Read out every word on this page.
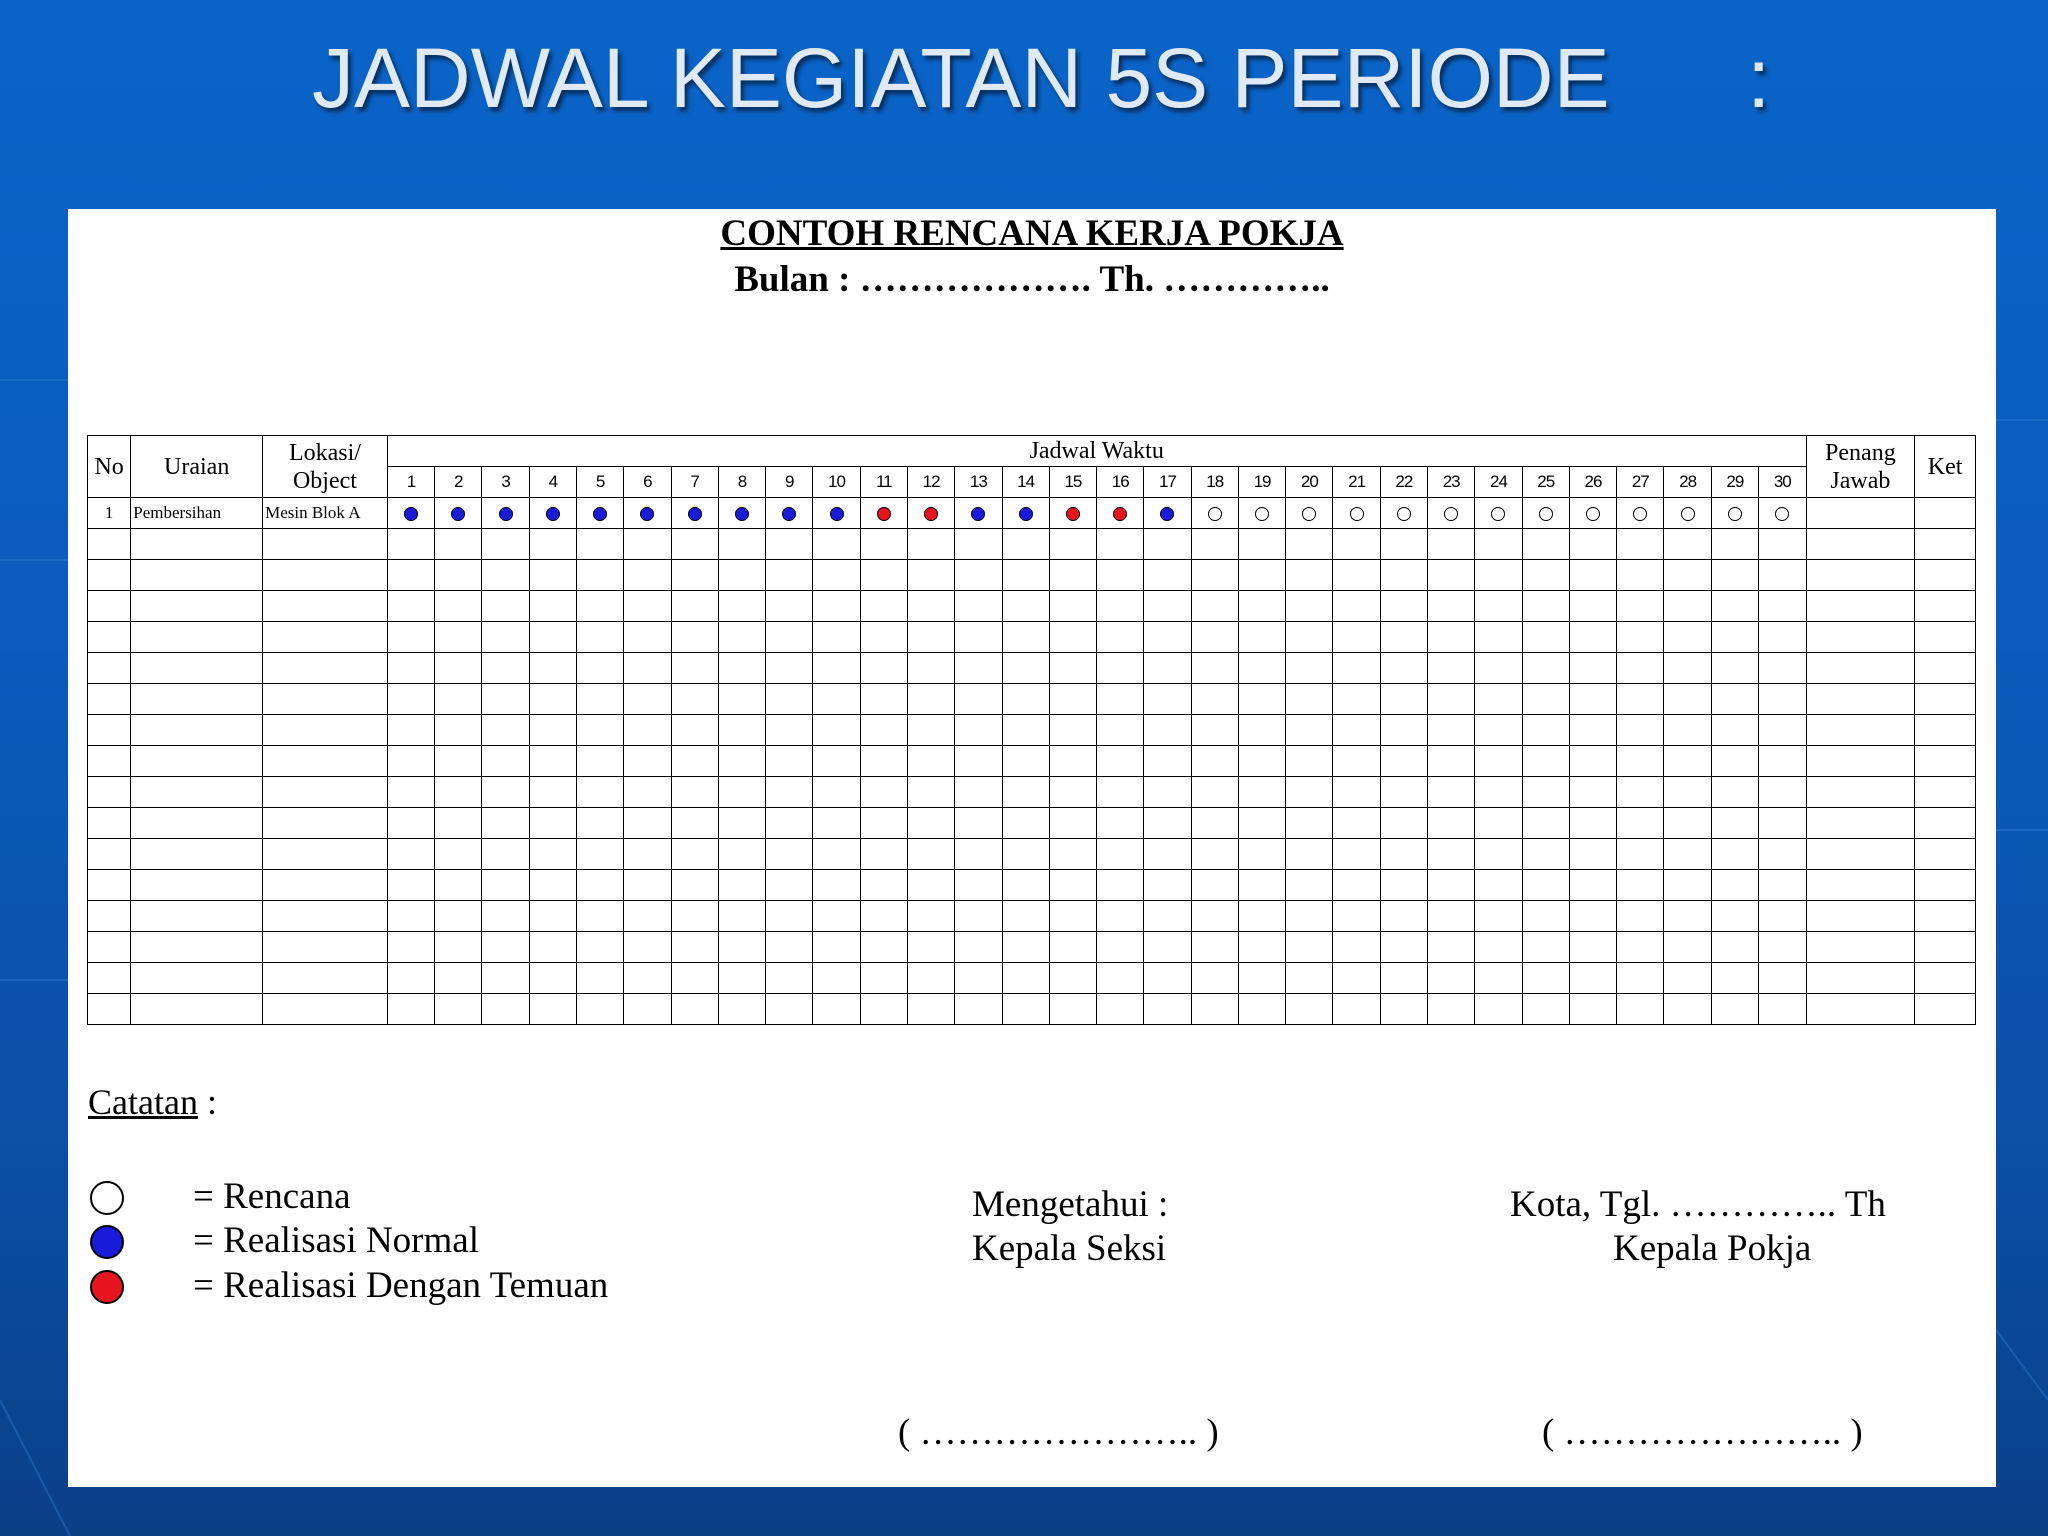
JADWAL KEGIATAN 5S PERIODE :
CONTOH RENCANA KERJA POKJA
Bulan : ………………. Th. …………..
No	Uraian	Lokasi/ Object	Jadwal Waktu																														Penang Jawab	Ket
			1	2	3	4	5	6	7	8	9	10	11	12	13	14	15	16	17	18	19	20	21	22	23	24	25	26	27	28	29	30		
1	Pembersihan	Mesin Blok A																																

Catatan :
= Rencana
= Realisasi Normal
= Realisasi Dengan Temuan
Mengetahui :
Kepala Seksi
Kota, Tgl. ………….. Th
Kepala Pokja
( ………………….. )	( ………………….. )
